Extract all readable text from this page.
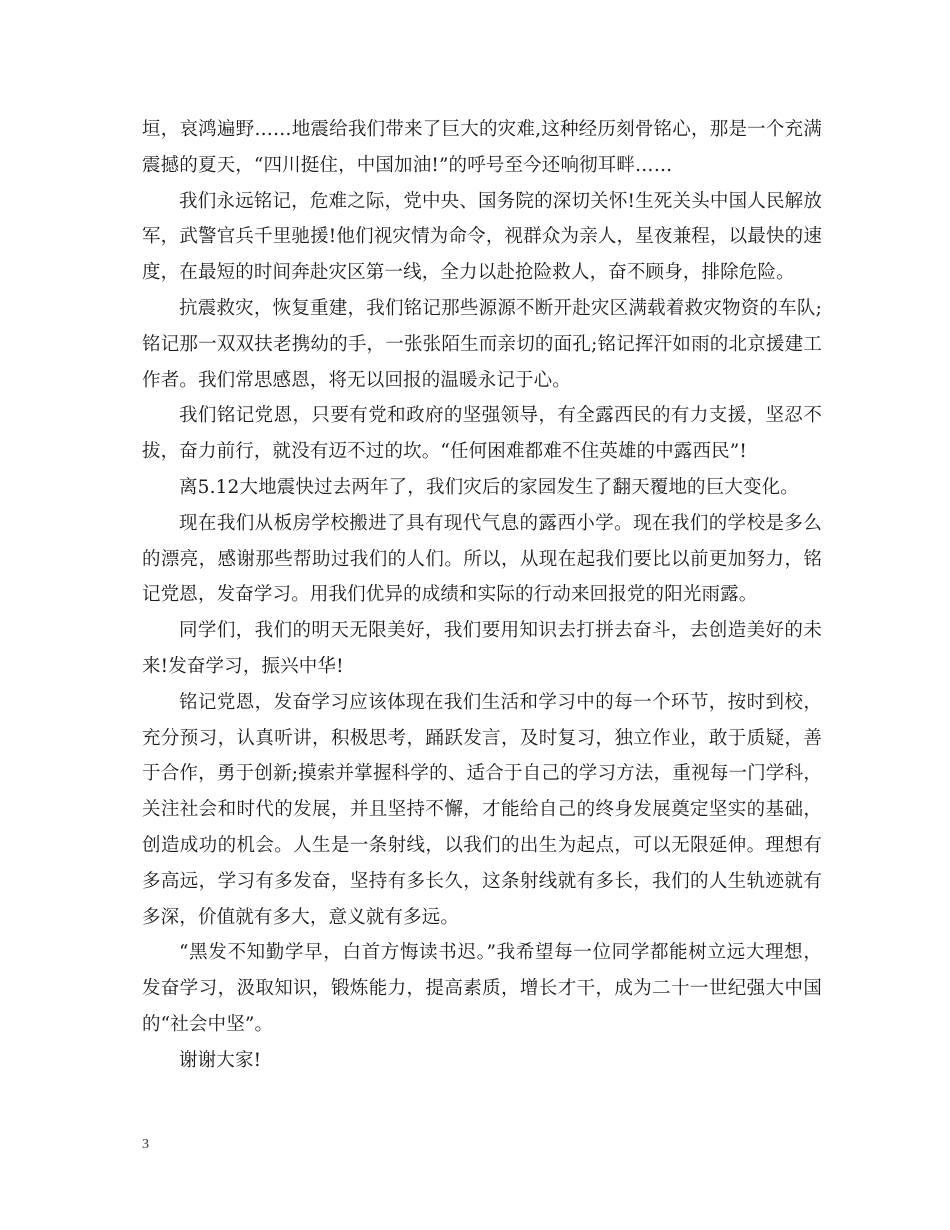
垣，哀鸿遍野……地震给我们带来了巨大的灾难,这种经历刻骨铭心，那是一个充满震撼的夏天，“四川挺住，中国加油!”的呼号至今还响彻耳畔……

我们永远铭记，危难之际，党中央、国务院的深切关怀!生死关头中国人民解放军，武警官兵千里驰援!他们视灾情为命令，视群众为亲人，星夜兼程，以最快的速度，在最短的时间奔赴灾区第一线，全力以赴抢险救人，奋不顾身，排除危险。

抗震救灾，恢复重建，我们铭记那些源源不断开赴灾区满载着救灾物资的车队;铭记那一双双扶老携幼的手，一张张陌生而亲切的面孔;铭记挥汗如雨的北京援建工作者。我们常思感恩，将无以回报的温暖永记于心。

我们铭记党恩，只要有党和政府的坚强领导，有全露西民的有力支援，坚忍不拔，奋力前行，就没有迈不过的坎。“任何困难都难不住英雄的中露西民”!

离5.12大地震快过去两年了，我们灾后的家园发生了翻天覆地的巨大变化。

现在我们从板房学校搬进了具有现代气息的露西小学。现在我们的学校是多么的漂亮，感谢那些帮助过我们的人们。所以，从现在起我们要比以前更加努力，铭记党恩，发奋学习。用我们优异的成绩和实际的行动来回报党的阳光雨露。

同学们，我们的明天无限美好，我们要用知识去打拼去奋斗，去创造美好的未来!发奋学习，振兴中华!

铭记党恩，发奋学习应该体现在我们生活和学习中的每一个环节，按时到校，充分预习，认真听讲，积极思考，踊跃发言，及时复习，独立作业，敢于质疑，善于合作，勇于创新;摸索并掌握科学的、适合于自己的学习方法，重视每一门学科，关注社会和时代的发展，并且坚持不懈，才能给自己的终身发展奠定坚实的基础，创造成功的机会。人生是一条射线，以我们的出生为起点，可以无限延伸。理想有多高远，学习有多发奋，坚持有多长久，这条射线就有多长，我们的人生轨迹就有多深，价值就有多大，意义就有多远。

“黑发不知勤学早，白首方悔读书迟。”我希望每一位同学都能树立远大理想，发奋学习，汲取知识，锻炼能力，提高素质，增长才干，成为二十一世纪强大中国的“社会中坚”。

谢谢大家!

3
